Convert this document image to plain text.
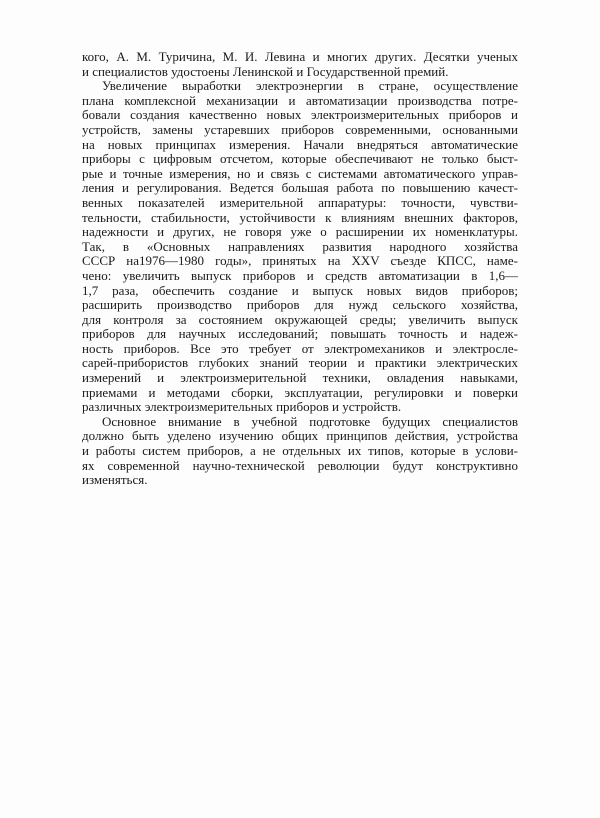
кого, А. М. Туричина, М. И. Левина и многих других. Десятки ученых
и специалистов удостоены Ленинской и Государственной премий.
Увеличение выработки электроэнергии в стране, осуществление
плана комплексной механизации и автоматизации производства потре-
бовали создания качественно новых электроизмерительных приборов и
устройств, замены устаревших приборов современными, основанными
на новых принципах измерения. Начали внедряться автоматические
приборы с цифровым отсчетом, которые обеспечивают не только быст-
рые и точные измерения, но и связь с системами автоматического управ-
ления и регулирования. Ведется большая работа по повышению качест-
венных показателей измерительной аппаратуры: точности, чувстви-
тельности, стабильности, устойчивости к влияниям внешних факторов,
надежности и других, не говоря уже о расширении их номенклатуры.
Так, в «Основных направлениях развития народного хозяйства
СССР на1976—1980 годы», принятых на XXV съезде КПСС, наме-
чено: увеличить выпуск приборов и средств автоматизации в 1,6—
1,7 раза, обеспечить создание и выпуск новых видов приборов;
расширить производство приборов для нужд сельского хозяйства,
для контроля за состоянием окружающей среды; увеличить выпуск
приборов для научных исследований; повышать точность и надеж-
ность приборов. Все это требует от электромехаников и электросле-
сарей-прибористов глубоких знаний теории и практики электрических
измерений и электроизмерительной техники, овладения навыками,
приемами и методами сборки, эксплуатации, регулировки и поверки
различных электроизмерительных приборов и устройств.
Основное внимание в учебной подготовке будущих специалистов
должно быть уделено изучению общих принципов действия, устройства
и работы систем приборов, а не отдельных их типов, которые в услови-
ях современной научно-технической революции будут конструктивно
изменяться.
